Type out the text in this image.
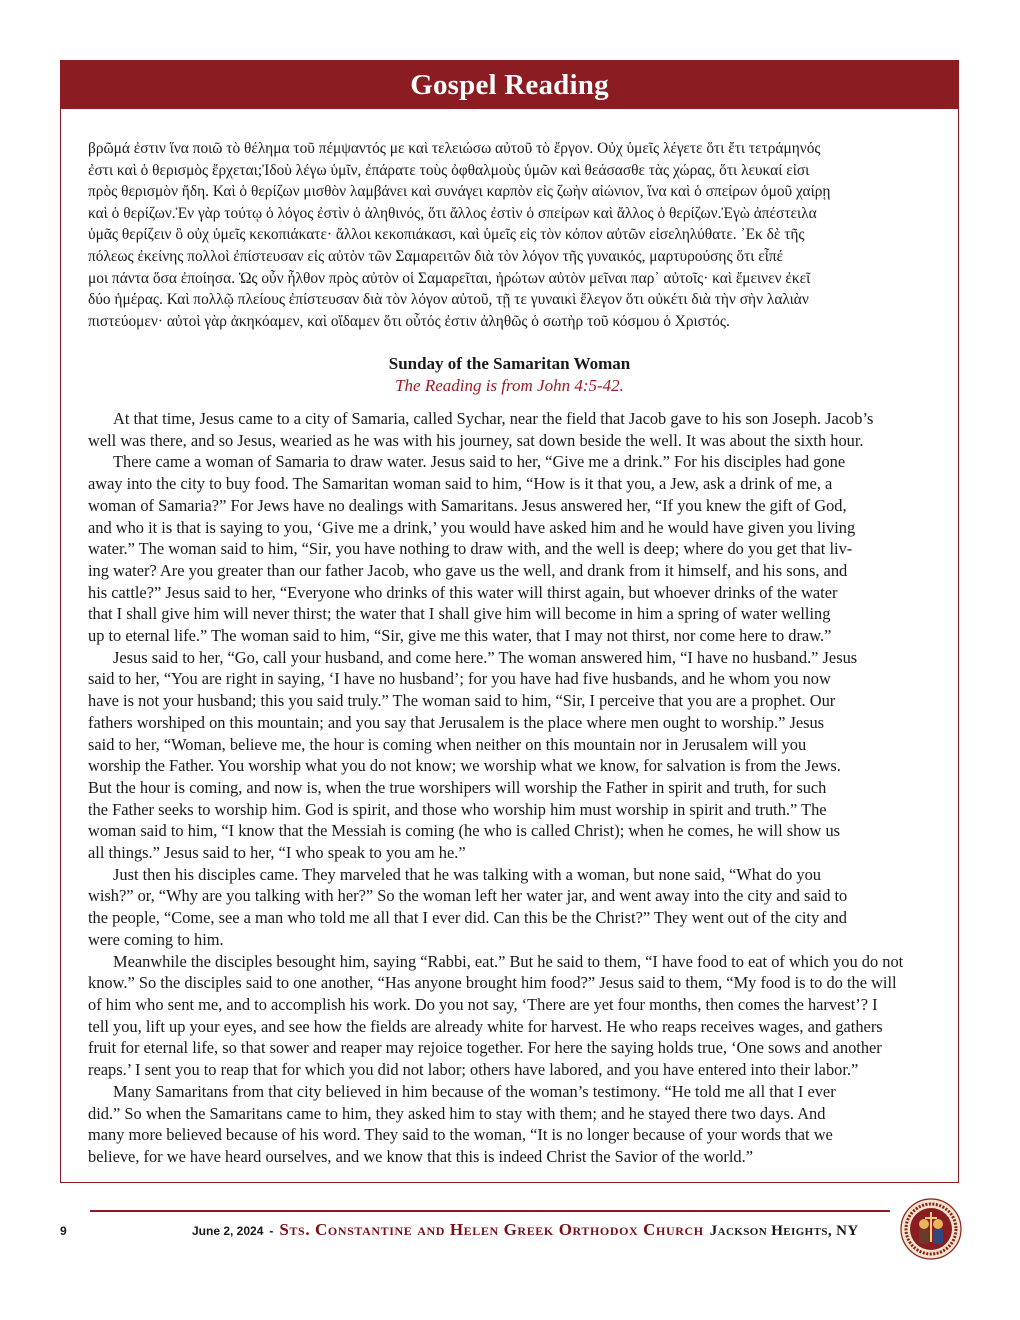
Gospel Reading
βρῶμά ἐστιν ἵνα ποιῶ τὸ θέλημα τοῦ πέμψαντός με καὶ τελειώσω αὐτοῦ τὸ ἔργον. Οὐχ ὑμεῖς λέγετε ὅτι ἔτι τετράμηνός
ἐστι καὶ ὁ θερισμὸς ἔρχεται;Ἰδοὺ λέγω ὑμῖν, ἐπάρατε τοὺς ὀφθαλμοὺς ὑμῶν καὶ θεάσασθε τὰς χώρας, ὅτι λευκαί εἰσι
πρὸς θερισμὸν ἤδη. Καὶ ὁ θερίζων μισθὸν λαμβάνει καὶ συνάγει καρπὸν εἰς ζωὴν αἰώνιον, ἵνα καὶ ὁ σπείρων ὁμοῦ χαίρῃ
καὶ ὁ θερίζων.Ἐν γὰρ τούτῳ ὁ λόγος ἐστὶν ὁ ἀληθινός, ὅτι ἄλλος ἐστὶν ὁ σπείρων καὶ ἄλλος ὁ θερίζων.Ἐγὼ ἀπέστειλα
ὑμᾶς θερίζειν ὃ οὐχ ὑμεῖς κεκοπιάκατε· ἄλλοι κεκοπιάκασι, καὶ ὑμεῖς εἰς τὸν κόπον αὐτῶν εἰσεληλύθατε. ᾿Εκ δὲ τῆς
πόλεως ἐκείνης πολλοὶ ἐπίστευσαν εἰς αὐτὸν τῶν Σαμαρειτῶν διὰ τὸν λόγον τῆς γυναικός, μαρτυρούσης ὅτι εἶπέ
μοι πάντα ὅσα ἐποίησα. Ὡς οὖν ἦλθον πρὸς αὐτὸν οἱ Σαμαρεῖται, ἠρώτων αὐτὸν μεῖναι παρ᾿ αὐτοῖς· καὶ ἔμεινεν ἐκεῖ
δύο ἡμέρας. Καὶ πολλῷ πλείους ἐπίστευσαν διὰ τὸν λόγον αὐτοῦ, τῇ τε γυναικὶ ἔλεγον ὅτι οὐκέτι διὰ τὴν σὴν λαλιὰν
πιστεύομεν· αὐτοὶ γὰρ ἀκηκόαμεν, καὶ οἴδαμεν ὅτι οὗτός ἐστιν ἀληθῶς ὁ σωτὴρ τοῦ κόσμου ὁ Χριστός.
Sunday of the Samaritan Woman
The Reading is from John 4:5-42.
At that time, Jesus came to a city of Samaria, called Sychar, near the field that Jacob gave to his son Joseph. Jacob’s
well was there, and so Jesus, wearied as he was with his journey, sat down beside the well. It was about the sixth hour.
There came a woman of Samaria to draw water. Jesus said to her, “Give me a drink.” For his disciples had gone
away into the city to buy food. The Samaritan woman said to him, “How is it that you, a Jew, ask a drink of me, a
woman of Samaria?” For Jews have no dealings with Samaritans. Jesus answered her, “If you knew the gift of God,
and who it is that is saying to you, ‘Give me a drink,’ you would have asked him and he would have given you living
water.” The woman said to him, “Sir, you have nothing to draw with, and the well is deep; where do you get that liv-
ing water? Are you greater than our father Jacob, who gave us the well, and drank from it himself, and his sons, and
his cattle?” Jesus said to her, “Everyone who drinks of this water will thirst again, but whoever drinks of the water
that I shall give him will never thirst; the water that I shall give him will become in him a spring of water welling
up to eternal life.” The woman said to him, “Sir, give me this water, that I may not thirst, nor come here to draw.”
Jesus said to her, “Go, call your husband, and come here.” The woman answered him, “I have no husband.” Jesus
said to her, “You are right in saying, ‘I have no husband’; for you have had five husbands, and he whom you now
have is not your husband; this you said truly.” The woman said to him, “Sir, I perceive that you are a prophet. Our
fathers worshiped on this mountain; and you say that Jerusalem is the place where men ought to worship.” Jesus
said to her, “Woman, believe me, the hour is coming when neither on this mountain nor in Jerusalem will you
worship the Father. You worship what you do not know; we worship what we know, for salvation is from the Jews.
But the hour is coming, and now is, when the true worshipers will worship the Father in spirit and truth, for such
the Father seeks to worship him. God is spirit, and those who worship him must worship in spirit and truth.” The
woman said to him, “I know that the Messiah is coming (he who is called Christ); when he comes, he will show us
all things.” Jesus said to her, “I who speak to you am he.”
Just then his disciples came. They marveled that he was talking with a woman, but none said, “What do you
wish?” or, “Why are you talking with her?” So the woman left her water jar, and went away into the city and said to
the people, “Come, see a man who told me all that I ever did. Can this be the Christ?” They went out of the city and
were coming to him.
Meanwhile the disciples besought him, saying “Rabbi, eat.” But he said to them, “I have food to eat of which you do not
know.” So the disciples said to one another, “Has anyone brought him food?” Jesus said to them, “My food is to do the will
of him who sent me, and to accomplish his work. Do you not say, ‘There are yet four months, then comes the harvest’? I
tell you, lift up your eyes, and see how the fields are already white for harvest. He who reaps receives wages, and gathers
fruit for eternal life, so that sower and reaper may rejoice together. For here the saying holds true, ‘One sows and another
reaps.’ I sent you to reap that for which you did not labor; others have labored, and you have entered into their labor.”
Many Samaritans from that city believed in him because of the woman’s testimony. “He told me all that I ever
did.” So when the Samaritans came to him, they asked him to stay with them; and he stayed there two days. And
many more believed because of his word. They said to the woman, “It is no longer because of your words that we
believe, for we have heard ourselves, and we know that this is indeed Christ the Savior of the world.”
9	June 2, 2024 - Sts. Constantine and Helen Greek Orthodox Church Jackson Heights, NY
